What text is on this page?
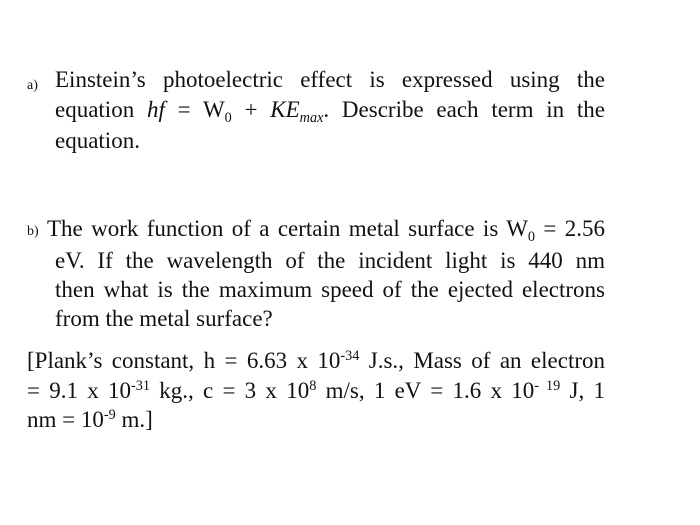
a) Einstein’s photoelectric effect is expressed using the
equation hf = $W_0 + KE_{max}$. Describe each term in the
equation.
b) The work function of a certain metal surface is $W_0 = 2.56$
eV. If the wavelength of the incident light is 440 nm
then what is the maximum speed of the ejected electrons
from the metal surface?
[Plank’s constant, h = 6.63 x $10^{-34}$ J.s., Mass of an electron
= 9.1 x $10^{-31}$ kg., c = 3 x $10^8$ m/s, 1 eV = 1.6 x $10^{- 19}$ J, 1
nm = $10^{-9}$ m.]
